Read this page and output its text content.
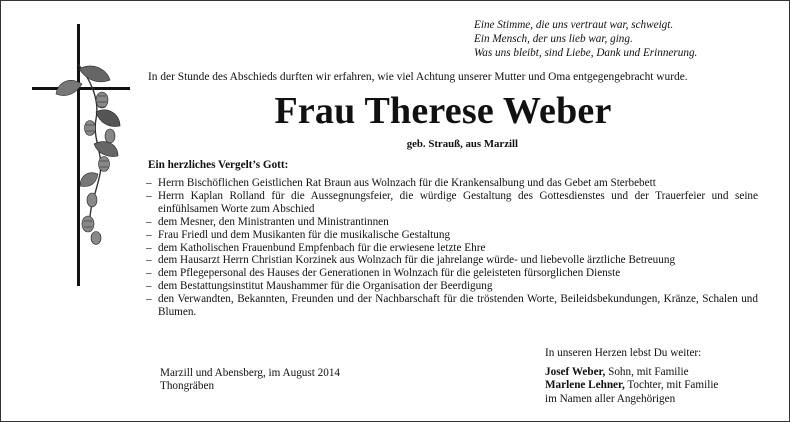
Eine Stimme, die uns vertraut war, schweigt.
Ein Mensch, der uns lieb war, ging.
Was uns bleibt, sind Liebe, Dank und Erinnerung.
In der Stunde des Abschieds durften wir erfahren, wie viel Achtung unserer Mutter und Oma entgegengebracht wurde.
Frau Therese Weber
geb. Strauß, aus Marzill
Ein herzliches Vergelt’s Gott:
– Herrn Bischöflichen Geistlichen Rat Braun aus Wolnzach für die Krankensalbung und das Gebet am Sterbebett
– Herrn Kaplan Rolland für die Aussegnungsfeier, die würdige Gestaltung des Gottesdienstes und der Trauerfeier und seine einfühlsamen Worte zum Abschied
– dem Mesner, den Ministranten und Ministrantinnen
– Frau Friedl und dem Musikanten für die musikalische Gestaltung
– dem Katholischen Frauenbund Empfenbach für die erwiesene letzte Ehre
– dem Hausarzt Herrn Christian Korzinek aus Wolnzach für die jahrelange würde- und liebevolle ärztliche Betreuung
– dem Pflegepersonal des Hauses der Generationen in Wolnzach für die geleisteten fürsorglichen Dienste
– dem Bestattungsinstitut Maushammer für die Organisation der Beerdigung
– den Verwandten, Bekannten, Freunden und der Nachbarschaft für die tröstenden Worte, Beileidsbekundungen, Kränze, Schalen und Blumen.
Marzill und Abensberg, im August 2014
Thongräben
In unseren Herzen lebst Du weiter:
Josef Weber, Sohn, mit Familie
Marlene Lehner, Tochter, mit Familie
im Namen aller Angehörigen
